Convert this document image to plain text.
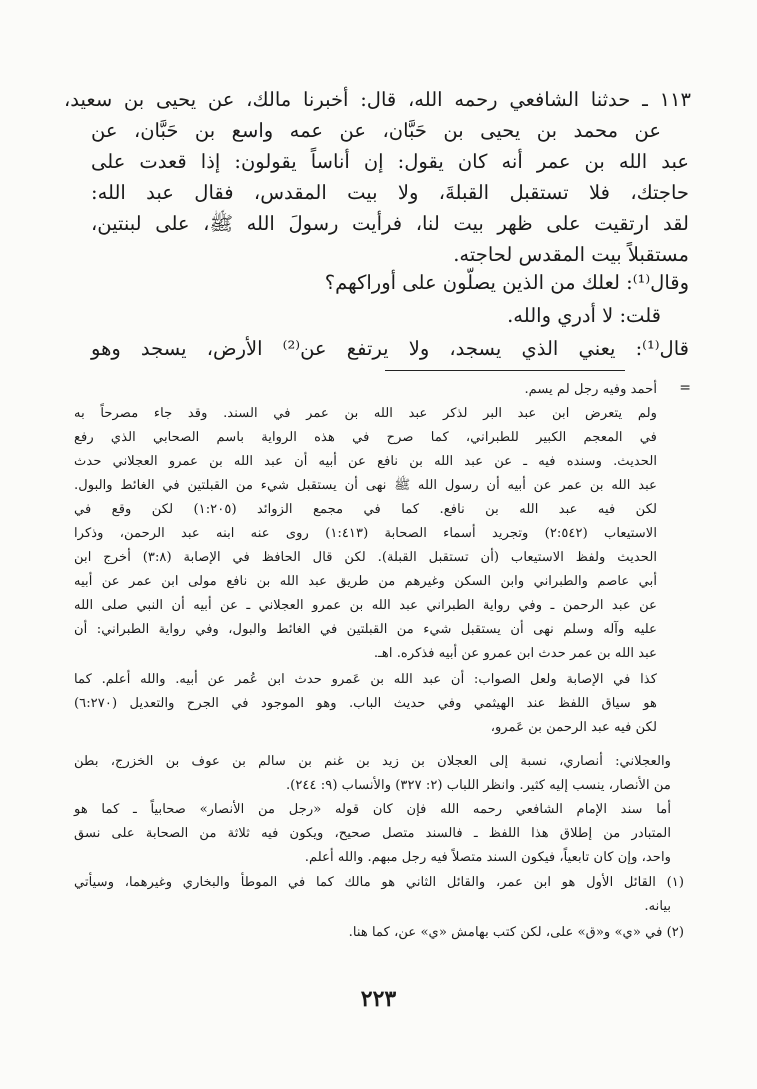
١١٣ ـ حدثنا الشافعي رحمه الله، قال: أخبرنا مالك، عن يحيى بن سعيد،
عن محمد بن يحيى بن حَبَّان، عن عمه واسع بن حَبَّان، عن
عبد الله بن عمر أنه كان يقول: إن أناساً يقولون: إذا قعدت على
حاجتك، فلا تستقبل القبلةَ، ولا بيت المقدس، فقال عبد الله:
لقد ارتقيت على ظهر بيت لنا، فرأيت رسولَ الله ﷺ، على لبنتين،
مستقبلاً بيت المقدس لحاجته.
وقال⁽¹⁾: لعلك من الذين يصلّون على أوراكهم؟
قلت: لا أدري والله.
قال⁽¹⁾: يعني الذي يسجد، ولا يرتفع عن⁽²⁾ الأرض، يسجد وهو
=
أحمد وفيه رجل لم يسم.
ولم يتعرض ابن عبد البر لذكر عبد الله بن عمر في السند. وقد جاء مصرحاً به
في المعجم الكبير للطبراني، كما صرح في هذه الرواية باسم الصحابي الذي رفع
الحديث. وسنده فيه ـ عن عبد الله بن نافع عن أبيه أن عبد الله بن عمرو العجلاني حدث
عبد الله بن عمر عن أبيه أن رسول الله ﷺ نهى أن يستقبل شيء من القبلتين في الغائط والبول.
لكن فيه عبد الله بن نافع. كما في مجمع الزوائد (١:٢٠٥) لكن وقع في
الاستيعاب (٢:٥٤٢) وتجريد أسماء الصحابة (١:٤١٣) روى عنه ابنه عبد الرحمن، وذكرا
الحديث ولفظ الاستيعاب (أن تستقبل القبلة). لكن قال الحافظ في الإصابة (٣:٨) أخرج ابن
أبي عاصم والطبراني وابن السكن وغيرهم من طريق عبد الله بن نافع مولى ابن عمر عن أبيه
عن عبد الرحمن ـ وفي رواية الطبراني عبد الله بن عمرو العجلاني ـ عن أبيه أن النبي صلى الله
عليه وآله وسلم نهى أن يستقبل شيء من القبلتين في الغائط والبول، وفي رواية الطبراني: أن
عبد الله بن عمر حدث ابن عمرو عن أبيه فذكره. اهـ.
كذا في الإصابة ولعل الصواب: أن عبد الله بن عَمرو حدث ابن عُمر عن أبيه. والله أعلم. كما
هو سياق اللفظ عند الهيثمي وفي حديث الباب. وهو الموجود في الجرح والتعديل (٦:٢٧٠)
لكن فيه عبد الرحمن بن عَمرو،
والعجلاني: أنصاري، نسبة إلى العجلان بن زيد بن غنم بن سالم بن عوف بن الخزرج، بطن
من الأنصار، ينسب إليه كثير. وانظر اللباب (٢: ٣٢٧) والأنساب (٩: ٢٤٤).
أما سند الإمام الشافعي رحمه الله فإن كان قوله «رجل من الأنصار» صحابياً ـ كما هو
المتبادر من إطلاق هذا اللفظ ـ فالسند متصل صحيح، ويكون فيه ثلاثة من الصحابة على نسق
واحد، وإن كان تابعياً، فيكون السند متصلاً فيه رجل مبهم. والله أعلم.
(١) القائل الأول هو ابن عمر، والقائل الثاني هو مالك كما في الموطأ والبخاري وغيرهما، وسيأتي
بيانه.
(٢) في «ي» و«ق» على، لكن كتب بهامش «ي» عن، كما هنا.
٢٢٣
